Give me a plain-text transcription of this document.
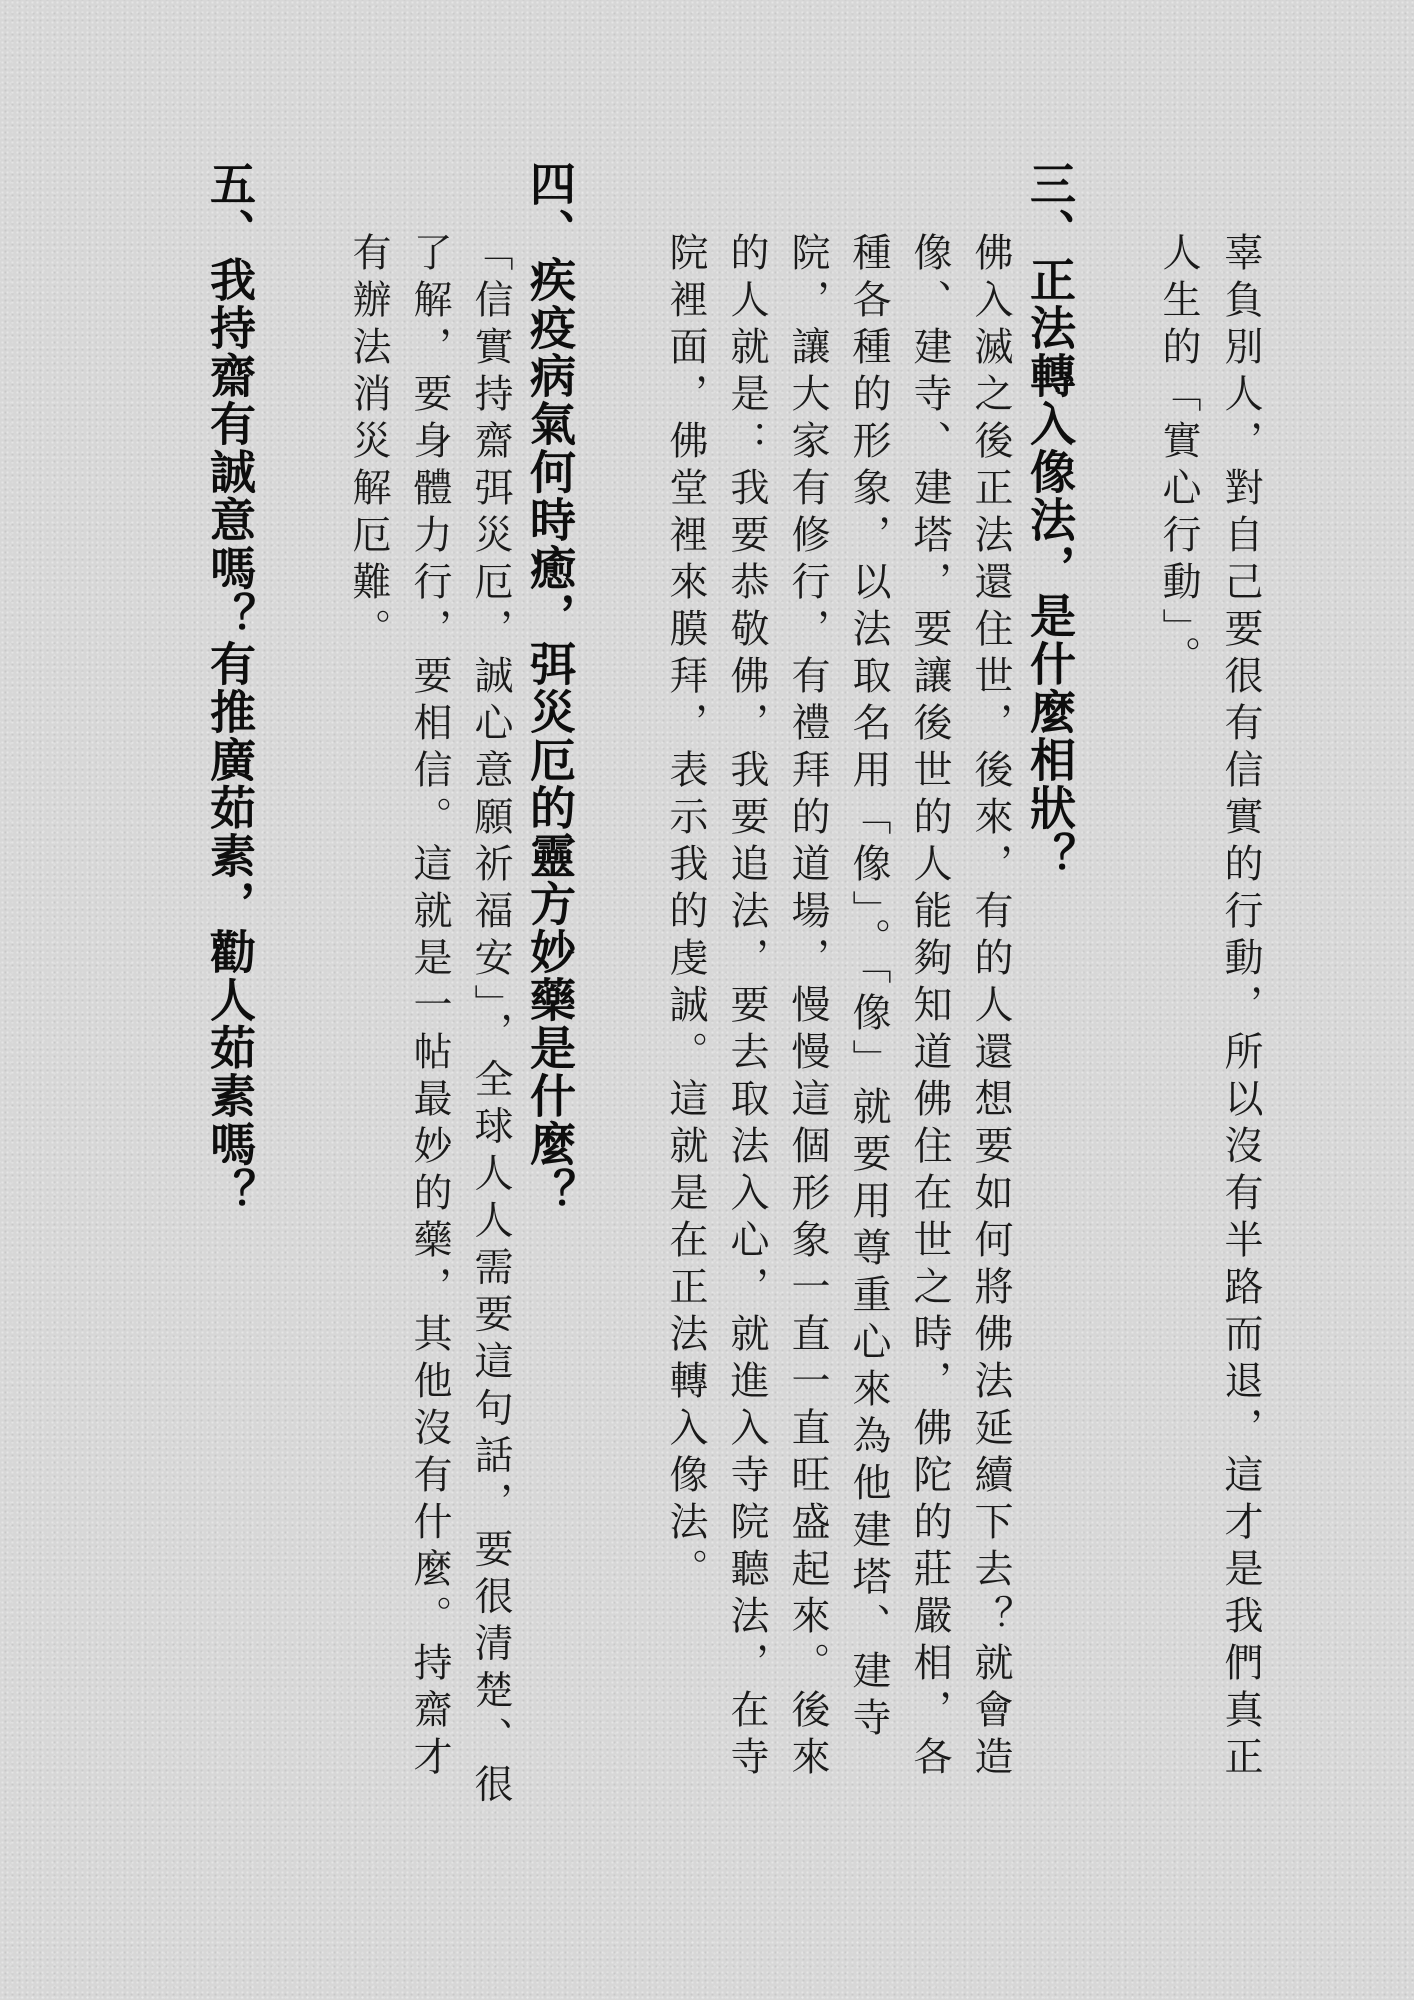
辜負別人，對自己要很有信實的行動，所以沒有半路而退，這才是我們真正

人生的「實心行動」。

三、正法轉入像法，是什麼相狀？

佛入滅之後正法還住世，後來，有的人還想要如何將佛法延續下去？就會造

像、建寺、建塔，要讓後世的人能夠知道佛住在世之時，佛陀的莊嚴相，各

種各種的形象，以法取名用「像」。「像」就要用尊重心來為他建塔、建寺

院，讓大家有修行，有禮拜的道場，慢慢這個形象一直一直旺盛起來。後來

的人就是：我要恭敬佛，我要追法，要去取法入心，就進入寺院聽法，在寺

院裡面，佛堂裡來膜拜，表示我的虔誠。這就是在正法轉入像法。

四、疾疫病氣何時癒，弭災厄的靈方妙藥是什麼？

「信實持齋弭災厄，誠心意願祈福安」，全球人人需要這句話，要很清楚、很

了解，要身體力行，要相信。這就是一帖最妙的藥，其他沒有什麼。持齋才

有辦法消災解厄難。

五、我持齋有誠意嗎？有推廣茹素，勸人茹素嗎？
